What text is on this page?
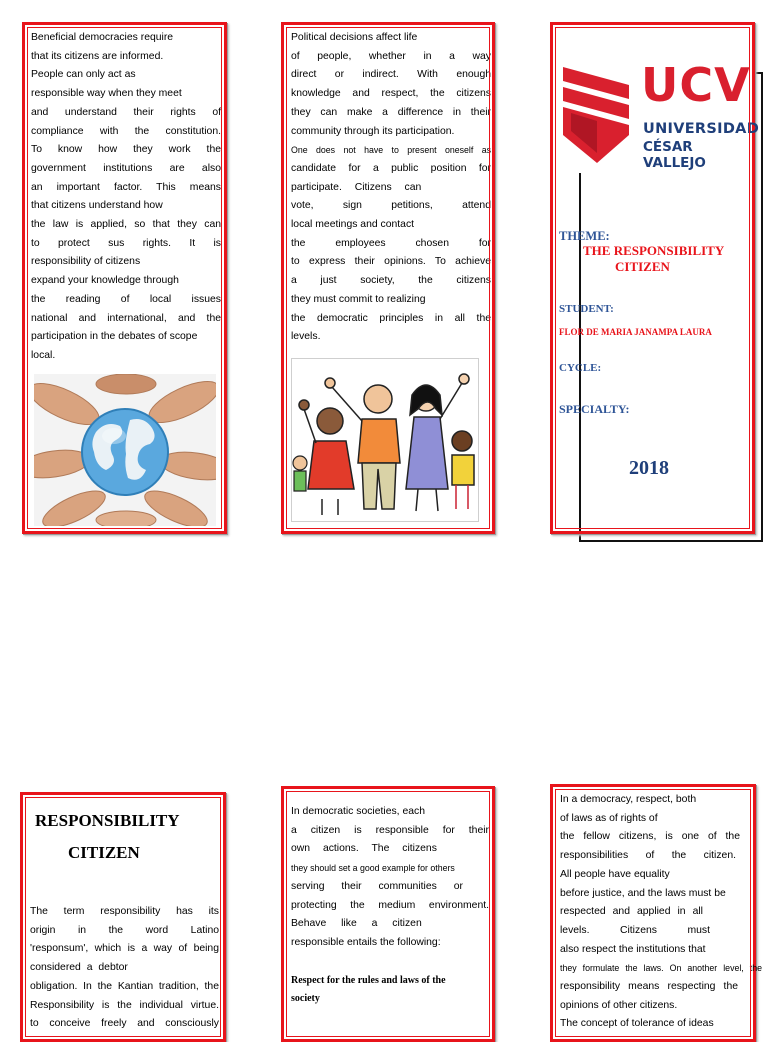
Beneficial democracies require
that its citizens are informed.
People can only act as
responsible way when they meet
and understand their rights of
compliance with the constitution.
To know how they work the
government institutions are also
an important factor. This means
that citizens understand how
the law is applied, so that they can
to protect sus rights. It is
responsibility of citizens
expand your knowledge through
the reading of local issues
national and international, and the
participation in the debates of scope
local.
Political decisions affect life
of people, whether in a way
direct or indirect. With enough
knowledge and respect, the citizens
they can make a difference in their
community through its participation.
One does not have to present oneself as
candidate for a public position for
participate. Citizens can
vote, sign petitions, attend
local meetings and contact
the employees chosen for
to express their opinions. To achieve
a just society, the citizens
they must commit to realizing
the democratic principles in all the
levels.
UCV
UNIVERSIDAD
CÉSAR VALLEJO
THEME:
THE RESPONSIBILITY
CITIZEN
STUDENT:
FLOR DE MARIA JANAMPA LAURA
CYCLE:
SPECIALTY:
2018
RESPONSIBILITY
CITIZEN
The term responsibility has its
origin in the word Latino
'responsum', which is a way of being
considered a debtor
obligation. In the Kantian tradition, the
Responsibility is the individual virtue.
to conceive freely and consciously
In democratic societies, each
a citizen is responsible for their
own actions. The citizens
they should set a good example for others
serving their communities or
protecting the medium environment.
Behave like a citizen
responsible entails the following:
Respect for the rules and laws of the
society
In a democracy, respect, both
of laws as of rights of
the fellow citizens, is one of the
responsibilities of the citizen.
All people have equality
before justice, and the laws must be
respected and applied in all
levels. Citizens must
also respect the institutions that
they formulate the laws. On another level, the
responsibility means respecting the
opinions of other citizens.
The concept of tolerance of ideas
